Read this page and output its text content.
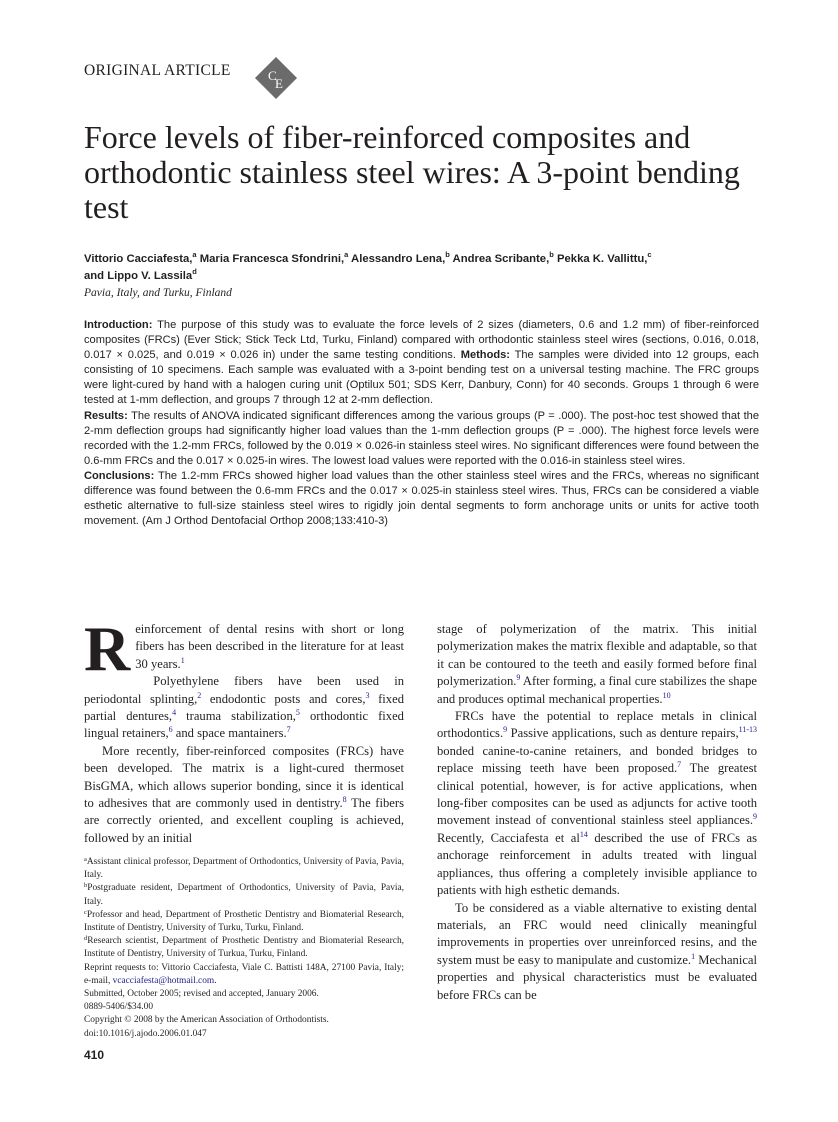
ORIGINAL ARTICLE	C
E
Force levels of fiber-reinforced composites and orthodontic stainless steel wires: A 3-point bending test
Vittorio Cacciafesta,$^a$ Maria Francesca Sfondrini,$^a$ Alessandro Lena,$^b$ Andrea Scribante,$^b$ Pekka K. Vallittu,$^c$
and Lippo V. Lassila$^d$
Pavia, Italy, and Turku, Finland
Introduction: The purpose of this study was to evaluate the force levels of 2 sizes (diameters, 0.6 and 1.2 mm) of fiber-reinforced composites (FRCs) (Ever Stick; Stick Teck Ltd, Turku, Finland) compared with orthodontic stainless steel wires (sections, 0.016, 0.018, 0.017 × 0.025, and 0.019 × 0.026 in) under the same testing conditions. Methods: The samples were divided into 12 groups, each consisting of 10 specimens. Each sample was evaluated with a 3-point bending test on a universal testing machine. The FRC groups were light-cured by hand with a halogen curing unit (Optilux 501; SDS Kerr, Danbury, Conn) for 40 seconds. Groups 1 through 6 were tested at 1-mm deflection, and groups 7 through 12 at 2-mm deflection.
Results: The results of ANOVA indicated significant differences among the various groups (P = .000). The post-hoc test showed that the 2-mm deflection groups had significantly higher load values than the 1-mm deflection groups (P = .000). The highest force levels were recorded with the 1.2-mm FRCs, followed by the 0.019 × 0.026-in stainless steel wires. No significant differences were found between the 0.6-mm FRCs and the 0.017 × 0.025-in wires. The lowest load values were reported with the 0.016-in stainless steel wires.
Conclusions: The 1.2-mm FRCs showed higher load values than the other stainless steel wires and the FRCs, whereas no significant difference was found between the 0.6-mm FRCs and the 0.017 × 0.025-in stainless steel wires. Thus, FRCs can be considered a viable esthetic alternative to full-size stainless steel wires to rigidly join dental segments to form anchorage units or units for active tooth movement. (Am J Orthod Dentofacial Orthop 2008;133:410-3)

Reinforcement of dental resins with short or long fibers has been described in the literature for at least 30 years.$^1$

Polyethylene fibers have been used in periodontal splinting,$^2$ endodontic posts and cores,$^3$ fixed partial dentures,$^4$ trauma stabilization,$^5$ orthodontic fixed lingual retainers,$^6$ and space mantainers.$^7$

More recently, fiber-reinforced composites (FRCs) have been developed. The matrix is a light-cured thermoset BisGMA, which allows superior bonding, since it is identical to adhesives that are commonly used in dentistry.$^8$ The fibers are correctly oriented, and excellent coupling is achieved, followed by an initial

$^a$Assistant clinical professor, Department of Orthodontics, University of Pavia, Pavia, Italy.
$^b$Postgraduate resident, Department of Orthodontics, University of Pavia, Pavia, Italy.
$^c$Professor and head, Department of Prosthetic Dentistry and Biomaterial Research, Institute of Dentistry, University of Turku, Turku, Finland.
$^d$Research scientist, Department of Prosthetic Dentistry and Biomaterial Research, Institute of Dentistry, University of Turkua, Turku, Finland.
Reprint requests to: Vittorio Cacciafesta, Viale C. Battisti 148A, 27100 Pavia, Italy; e-mail, vcacciafesta@hotmail.com.
Submitted, October 2005; revised and accepted, January 2006.
0889-5406/$34.00
Copyright © 2008 by the American Association of Orthodontists.
doi:10.1016/j.ajodo.2006.01.047

stage of polymerization of the matrix. This initial polymerization makes the matrix flexible and adaptable, so that it can be contoured to the teeth and easily formed before final polymerization.$^9$ After forming, a final cure stabilizes the shape and produces optimal mechanical properties.$^{10}$

FRCs have the potential to replace metals in clinical orthodontics.$^9$ Passive applications, such as denture repairs,$^{11-13}$ bonded canine-to-canine retainers, and bonded bridges to replace missing teeth have been proposed.$^7$ The greatest clinical potential, however, is for active applications, when long-fiber composites can be used as adjuncts for active tooth movement instead of conventional stainless steel appliances.$^9$ Recently, Cacciafesta et $al^{14}$ described the use of FRCs as anchorage reinforcement in adults treated with lingual appliances, thus offering a completely invisible appliance to patients with high esthetic demands.

To be considered as a viable alternative to existing dental materials, an FRC would need clinically meaningful improvements in properties over unreinforced resins, and the system must be easy to manipulate and customize.$^1$ Mechanical properties and physical characteristics must be evaluated before FRCs can be

410
